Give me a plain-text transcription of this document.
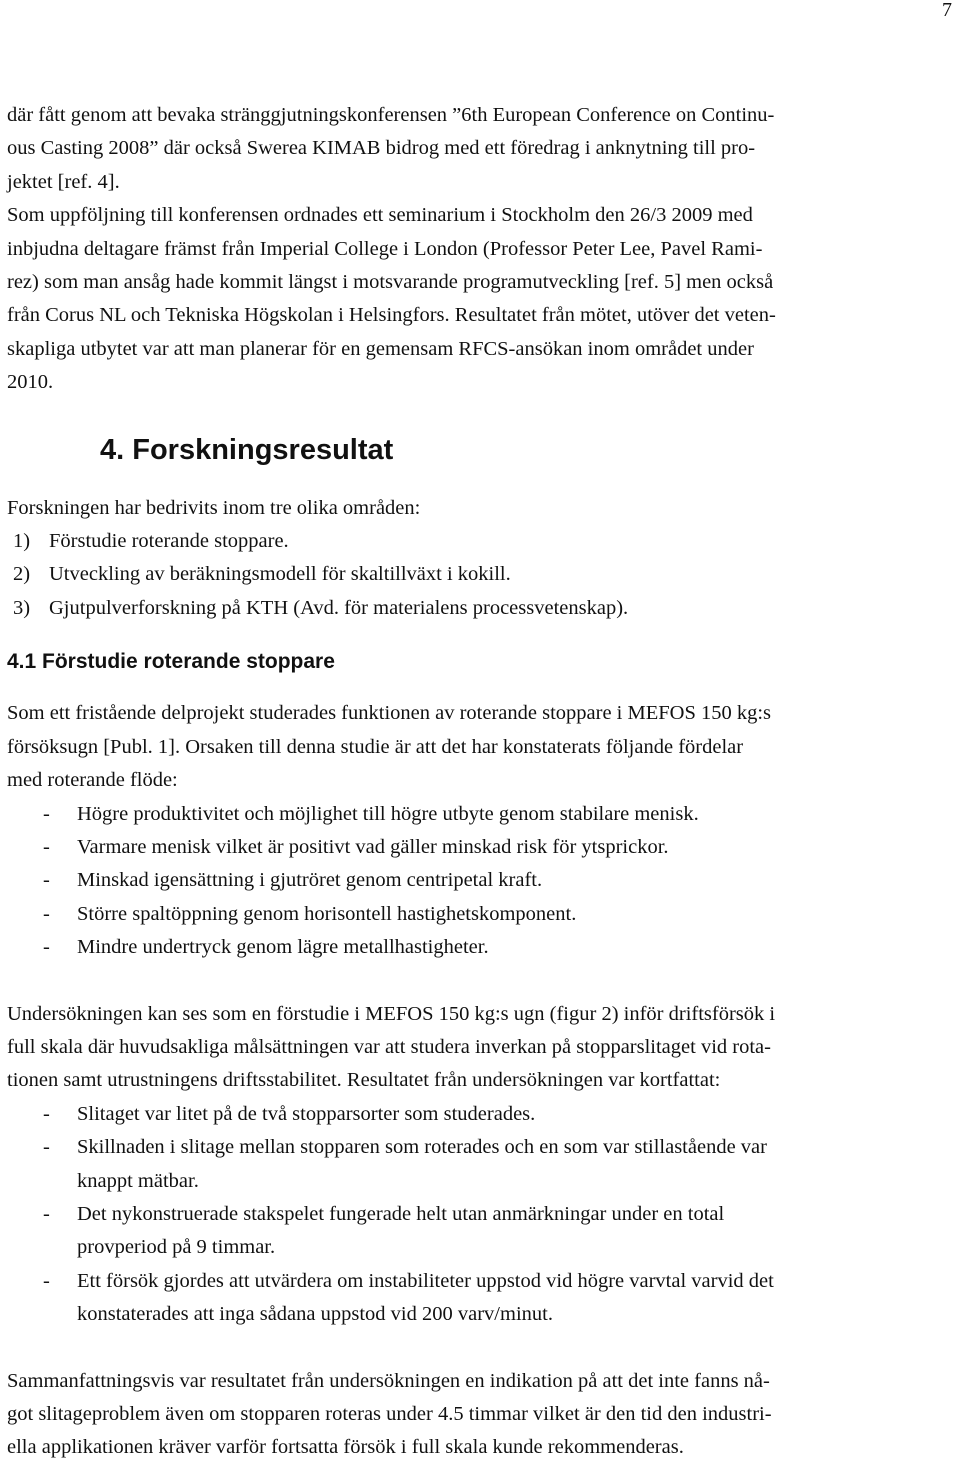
7

där fått genom att bevaka stränggjutningskonferensen ”6th European Conference on Continu-
ous Casting 2008” där också Swerea KIMAB bidrog med ett föredrag i anknytning till pro-
jektet [ref. 4].
Som uppföljning till konferensen ordnades ett seminarium i Stockholm den 26/3 2009 med
inbjudna deltagare främst från Imperial College i London (Professor Peter Lee, Pavel Rami-
rez) som man ansåg hade kommit längst i motsvarande programutveckling [ref. 5] men också
från Corus NL och Tekniska Högskolan i Helsingfors. Resultatet från mötet, utöver det veten-
skapliga utbytet var att man planerar för en gemensam RFCS-ansökan inom området under
2010.

4. Forskningsresultat

Forskningen har bedrivits inom tre olika områden:

1) Förstudie roterande stoppare.
2) Utveckling av beräkningsmodell för skaltillväxt i kokill.
3) Gjutpulverforskning på KTH (Avd. för materialens processvetenskap).
4.1 Förstudie roterande stoppare

Som ett fristående delprojekt studerades funktionen av roterande stoppare i MEFOS 150 kg:s
försöksugn [Publ. 1]. Orsaken till denna studie är att det har konstaterats följande fördelar
med roterande flöde:

-	Högre produktivitet och möjlighet till högre utbyte genom stabilare menisk.
-	Varmare menisk vilket är positivt vad gäller minskad risk för ytsprickor.
-	Minskad igensättning i gjutröret genom centripetal kraft.
-	Större spaltöppning genom horisontell hastighetskomponent.
-	Mindre undertryck genom lägre metallhastigheter.

Undersökningen kan ses som en förstudie i MEFOS 150 kg:s ugn (figur 2) inför driftsförsök i
full skala där huvudsakliga målsättningen var att studera inverkan på stopparslitaget vid rota-
tionen samt utrustningens driftsstabilitet. Resultatet från undersökningen var kortfattat:

-	Slitaget var litet på de två stopparsorter som studerades.
-	Skillnaden i slitage mellan stopparen som roterades och en som var stillastående var
knappt mätbar.
-	Det nykonstruerade stakspelet fungerade helt utan anmärkningar under en total
provperiod på 9 timmar.
-	Ett försök gjordes att utvärdera om instabiliteter uppstod vid högre varvtal varvid det
konstaterades att inga sådana uppstod vid 200 varv/minut.

Sammanfattningsvis var resultatet från undersökningen en indikation på att det inte fanns nå-
got slitageproblem även om stopparen roteras under 4.5 timmar vilket är den tid den industri-
ella applikationen kräver varför fortsatta försök i full skala kunde rekommenderas.
